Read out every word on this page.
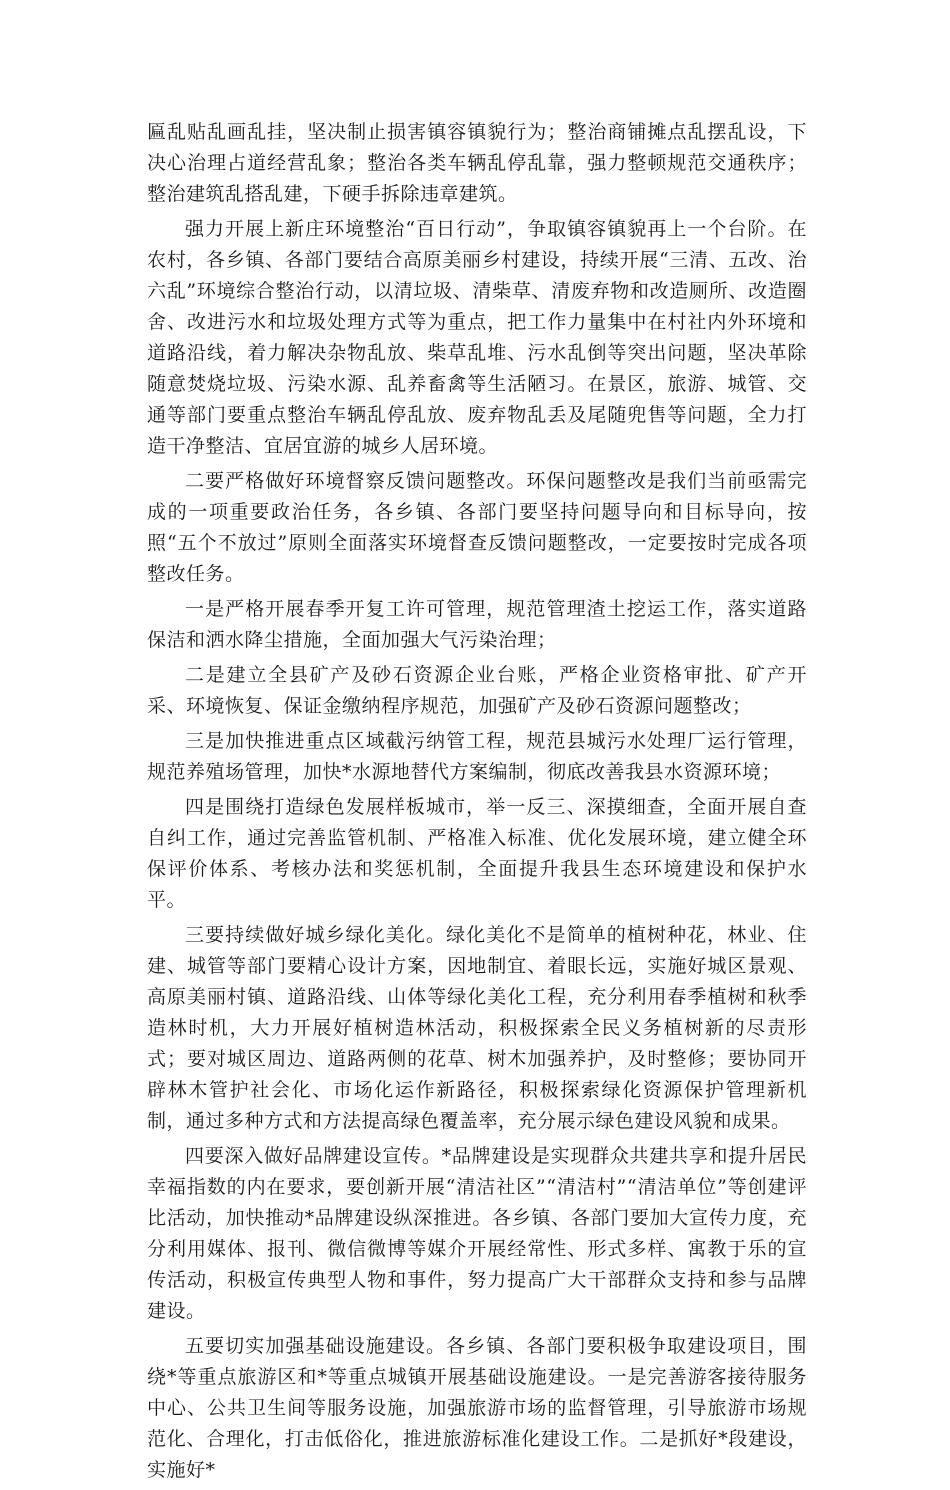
匾乱贴乱画乱挂，坚决制止损害镇容镇貌行为；整治商铺摊点乱摆乱设，下决心治理占道经营乱象；整治各类车辆乱停乱靠，强力整顿规范交通秩序；整治建筑乱搭乱建，下硬手拆除违章建筑。

强力开展上新庄环境整治“百日行动”，争取镇容镇貌再上一个台阶。在农村，各乡镇、各部门要结合高原美丽乡村建设，持续开展“三清、五改、治六乱”环境综合整治行动，以清垃圾、清柴草、清废弃物和改造厕所、改造圈舍、改进污水和垃圾处理方式等为重点，把工作力量集中在村社内外环境和道路沿线，着力解决杂物乱放、柴草乱堆、污水乱倒等突出问题，坚决革除随意焚烧垃圾、污染水源、乱养畜禽等生活陋习。在景区，旅游、城管、交通等部门要重点整治车辆乱停乱放、废弃物乱丢及尾随兜售等问题，全力打造干净整洁、宜居宜游的城乡人居环境。

二要严格做好环境督察反馈问题整改。环保问题整改是我们当前亟需完成的一项重要政治任务，各乡镇、各部门要坚持问题导向和目标导向，按照“五个不放过”原则全面落实环境督查反馈问题整改，一定要按时完成各项整改任务。

一是严格开展春季开复工许可管理，规范管理渣土挖运工作，落实道路保洁和洒水降尘措施，全面加强大气污染治理；

二是建立全县矿产及砂石资源企业台账，严格企业资格审批、矿产开采、环境恢复、保证金缴纳程序规范，加强矿产及砂石资源问题整改；

三是加快推进重点区域截污纳管工程，规范县城污水处理厂运行管理，规范养殖场管理，加快*水源地替代方案编制，彻底改善我县水资源环境；

四是围绕打造绿色发展样板城市，举一反三、深摸细查，全面开展自查自纠工作，通过完善监管机制、严格准入标准、优化发展环境，建立健全环保评价体系、考核办法和奖惩机制，全面提升我县生态环境建设和保护水平。

三要持续做好城乡绿化美化。绿化美化不是简单的植树种花，林业、住建、城管等部门要精心设计方案，因地制宜、着眼长远，实施好城区景观、高原美丽村镇、道路沿线、山体等绿化美化工程，充分利用春季植树和秋季造林时机，大力开展好植树造林活动，积极探索全民义务植树新的尽责形式；要对城区周边、道路两侧的花草、树木加强养护，及时整修；要协同开辟林木管护社会化、市场化运作新路径，积极探索绿化资源保护管理新机制，通过多种方式和方法提高绿色覆盖率，充分展示绿色建设风貌和成果。

四要深入做好品牌建设宣传。*品牌建设是实现群众共建共享和提升居民幸福指数的内在要求，要创新开展“清洁社区”“清洁村”“清洁单位”等创建评比活动，加快推动*品牌建设纵深推进。各乡镇、各部门要加大宣传力度，充分利用媒体、报刊、微信微博等媒介开展经常性、形式多样、寓教于乐的宣传活动，积极宣传典型人物和事件，努力提高广大干部群众支持和参与品牌建设。

五要切实加强基础设施建设。各乡镇、各部门要积极争取建设项目，围绕*等重点旅游区和*等重点城镇开展基础设施建设。一是完善游客接待服务中心、公共卫生间等服务设施，加强旅游市场的监督管理，引导旅游市场规范化、合理化，打击低俗化，推进旅游标准化建设工作。二是抓好*段建设，实施好*
